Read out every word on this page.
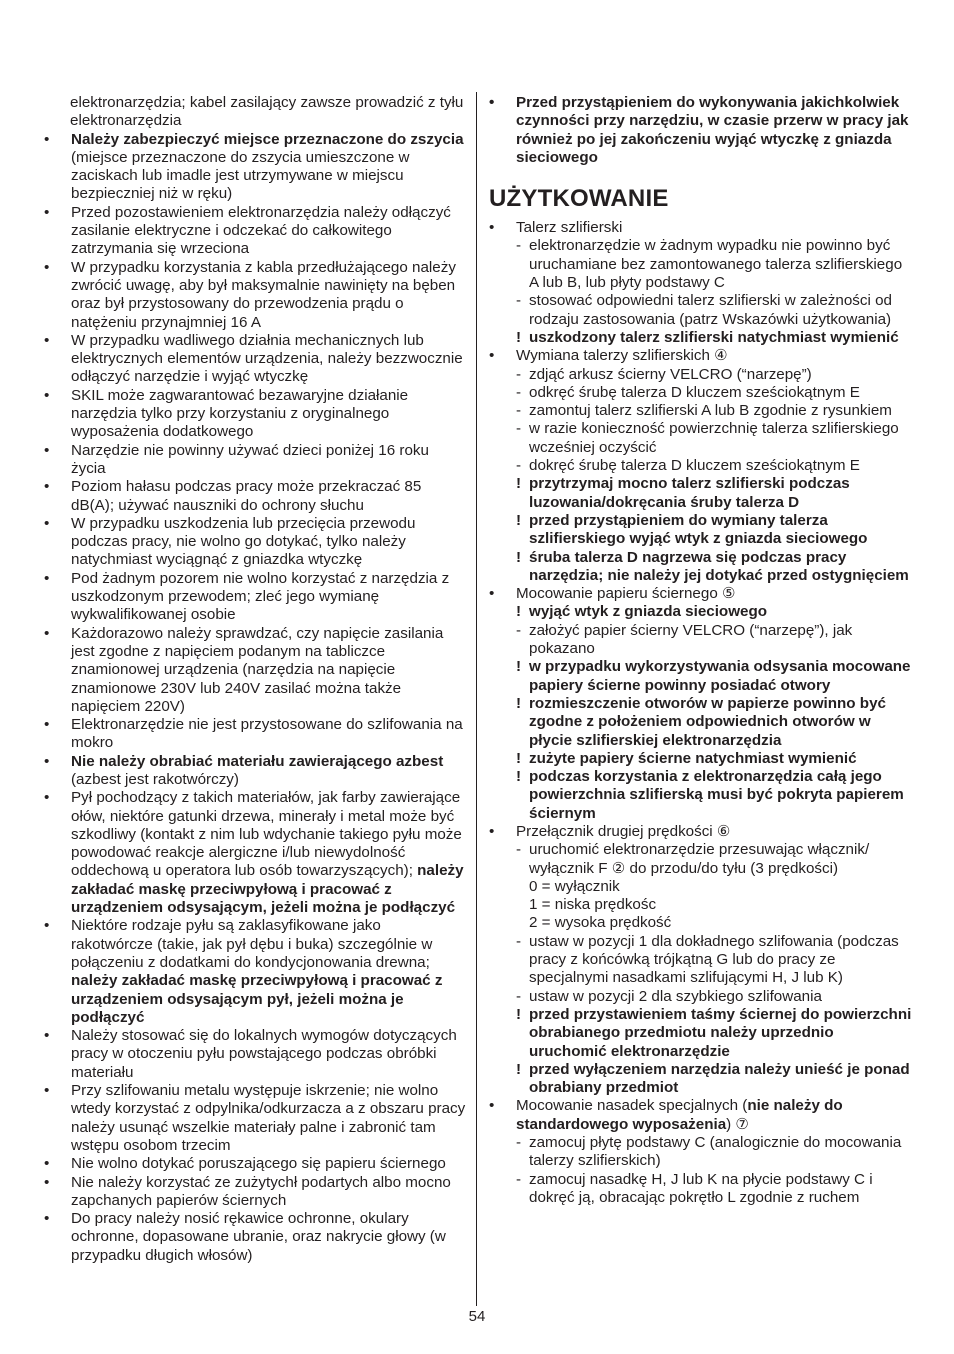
elektronarzędzia; kabel zasilający zawsze prowadzić z tyłu elektronarzędzia
• Należy zabezpieczyć miejsce przeznaczone do zszycia (miejsce przeznaczone do zszycia umieszczone w zaciskach lub imadle jest utrzymywane w miejscu bezpieczniej niż w ręku)
• Przed pozostawieniem elektronarzędzia należy odłączyć zasilanie elektryczne i odczekać do całkowitego zatrzymania się wrzeciona
• W przypadku korzystania z kabla przedłużającego należy zwrócić uwagę, aby był maksymalnie nawinięty na bęben oraz był przystosowany do przewodzenia prądu o natężeniu przynajmniej 16 A
• W przypadku wadliwego działnia mechanicznych lub elektrycznych elementów urządzenia, należy bezzwocznie odłączyć narzędzie i wyjąć wtyczkę
• SKIL może zagwarantować bezawaryjne działanie narzędzia tylko przy korzystaniu z oryginalnego wyposażenia dodatkowego
• Narzędzie nie powinny używać dzieci poniżej 16 roku życia
• Poziom hałasu podczas pracy może przekraczać 85 dB(A); używać nauszniki do ochrony słuchu
• W przypadku uszkodzenia lub przecięcia przewodu podczas pracy, nie wolno go dotykać, tylko należy natychmiast wyciągnąć z gniazdka wtyczkę
• Pod żadnym pozorem nie wolno korzystać z narzędzia z uszkodzonym przewodem; zleć jego wymianę wykwalifikowanej osobie
• Każdorazowo należy sprawdzać, czy napięcie zasilania jest zgodne z napięciem podanym na tabliczce znamionowej urządzenia (narzędzia na napięcie znamionowe 230V lub 240V zasilać można także napięciem 220V)
• Elektronarzędzie nie jest przystosowane do szlifowania na mokro
• Nie należy obrabiać materiału zawierającego azbest (azbest jest rakotwórczy)
• Pył pochodzący z takich materiałów, jak farby zawierające ołów, niektóre gatunki drzewa, minerały i metal może być szkodliwy (kontakt z nim lub wdychanie takiego pyłu może powodować reakcje alergiczne i/lub niewydolność oddechową u operatora lub osób towarzyszących); należy zakładać maskę przeciwpyłową i pracować z urządzeniem odsysającym, jeżeli można je podłączyć
• Niektóre rodzaje pyłu są zaklasyfikowane jako rakotwórcze (takie, jak pył dębu i buka) szczególnie w połączeniu z dodatkami do kondycjonowania drewna; należy zakładać maskę przeciwpyłową i pracować z urządzeniem odsysającym pył, jeżeli można je podłączyć
• Należy stosować się do lokalnych wymogów dotyczących pracy w otoczeniu pyłu powstającego podczas obróbki materiału
• Przy szlifowaniu metalu występuje iskrzenie; nie wolno wtedy korzystać z odpylnika/odkurzacza a z obszaru pracy należy usunąć wszelkie materiały palne i zabronić tam wstępu osobom trzecim
• Nie wolno dotykać poruszającego się papieru ściernego
• Nie należy korzystać ze zużytychł podartych albo mocno zapchanych papierów ściernych
• Do pracy należy nosić rękawice ochronne, okulary ochronne, dopasowane ubranie, oraz nakrycie głowy (w przypadku długich włosów)
• Przed przystąpieniem do wykonywania jakichkolwiek czynności przy narzędziu, w czasie przerw w pracy jak również po jej zakończeniu wyjąć wtyczkę z gniazda sieciowego
UŻYTKOWANIE
• Talerz szlifierski
- elektronarzędzie w żadnym wypadku nie powinno być uruchamiane bez zamontowanego talerza szlifierskiego A lub B, lub płyty podstawy C
- stosować odpowiedni talerz szlifierski w zależności od rodzaju zastosowania (patrz Wskazówki użytkowania)
! uszkodzony talerz szlifierski natychmiast wymienić
• Wymiana talerzy szlifierskich ④
- zdjąć arkusz ścierny VELCRO (“narzepę”)
- odkręć śrubę talerza D kluczem sześciokątnym E
- zamontuj talerz szlifierski A lub B zgodnie z rysunkiem
- w razie konieczność powierzchnię talerza szlifierskiego wcześniej oczyścić
- dokręć śrubę talerza D kluczem sześciokątnym E
! przytrzymaj mocno talerz szlifierski podczas luzowania/dokręcania śruby talerza D
! przed przystąpieniem do wymiany talerza szlifierskiego wyjąć wtyk z gniazda sieciowego
! śruba talerza D nagrzewa się podczas pracy narzędzia; nie należy jej dotykać przed ostygnięciem
• Mocowanie papieru ściernego ⑤
! wyjąć wtyk z gniazda sieciowego
- założyć papier ścierny VELCRO (“narzepę”), jak pokazano
! w przypadku wykorzystywania odsysania mocowane papiery ścierne powinny posiadać otwory
! rozmieszczenie otworów w papierze powinno być zgodne z położeniem odpowiednich otworów w płycie szlifierskiej elektronarzędzia
! zużyte papiery ścierne natychmiast wymienić
! podczas korzystania z elektronarzędzia całą jego powierzchnia szlifierską musi być pokryta papierem ściernym
• Przełącznik drugiej prędkości ⑥
- uruchomić elektronarzędzie przesuwając włącznik/ wyłącznik F ② do przodu/do tyłu (3 prędkości)
0 = wyłącznik
1 = niska prędkośc
2 = wysoka prędkość
- ustaw w pozycji 1 dla dokładnego szlifowania (podczas pracy z końcówką trójkątną G lub do pracy ze specjalnymi nasadkami szlifującymi H, J lub K)
- ustaw w pozycji 2 dla szybkiego szlifowania
! przed przystawieniem taśmy ściernej do powierzchni obrabianego przedmiotu należy uprzednio uruchomić elektronarzędzie
! przed wyłączeniem narzędzia należy unieść je ponad obrabiany przedmiot
• Mocowanie nasadek specjalnych (nie należy do standardowego wyposażenia) ⑦
- zamocuj płytę podstawy C (analogicznie do mocowania talerzy szlifierskich)
- zamocuj nasadkę H, J lub K na płycie podstawy C i dokręć ją, obracając pokrętło L zgodnie z ruchem
54
